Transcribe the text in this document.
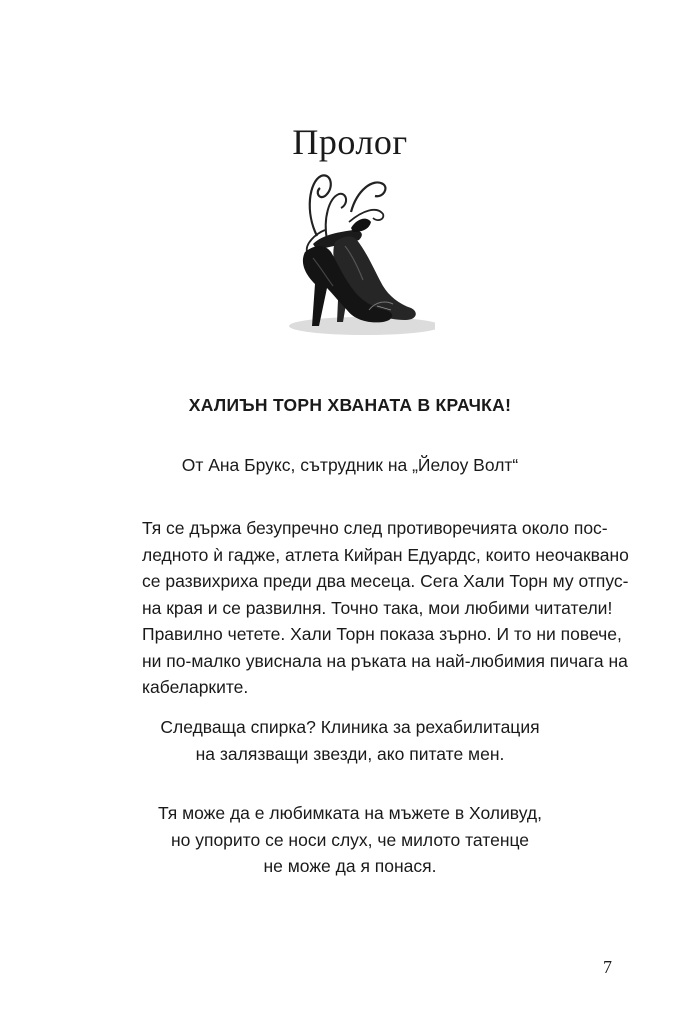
Пролог
ХАЛИЪН ТОРН ХВАНАТА В КРАЧКА!
От Ана Брукс, сътрудник на „Йелоу Волт“
Тя се държа безупречно след противоречията около пос-
ледното ѝ гадже, атлета Кийран Едуардс, които неочаквано
се развихриха преди два месеца. Сега Хали Торн му отпус-
на края и се развилня. Точно така, мои любими читатели!
Правилно четете. Хали Торн показа зърно. И то ни повече,
ни по-малко увиснала на ръката на най-любимия пичага на
кабеларките.
Следваща спирка? Клиника за рехабилитация
на залязващи звезди, ако питате мен.
Тя може да е любимката на мъжете в Холивуд,
но упорито се носи слух, че милото татенце
не може да я понася.
7
